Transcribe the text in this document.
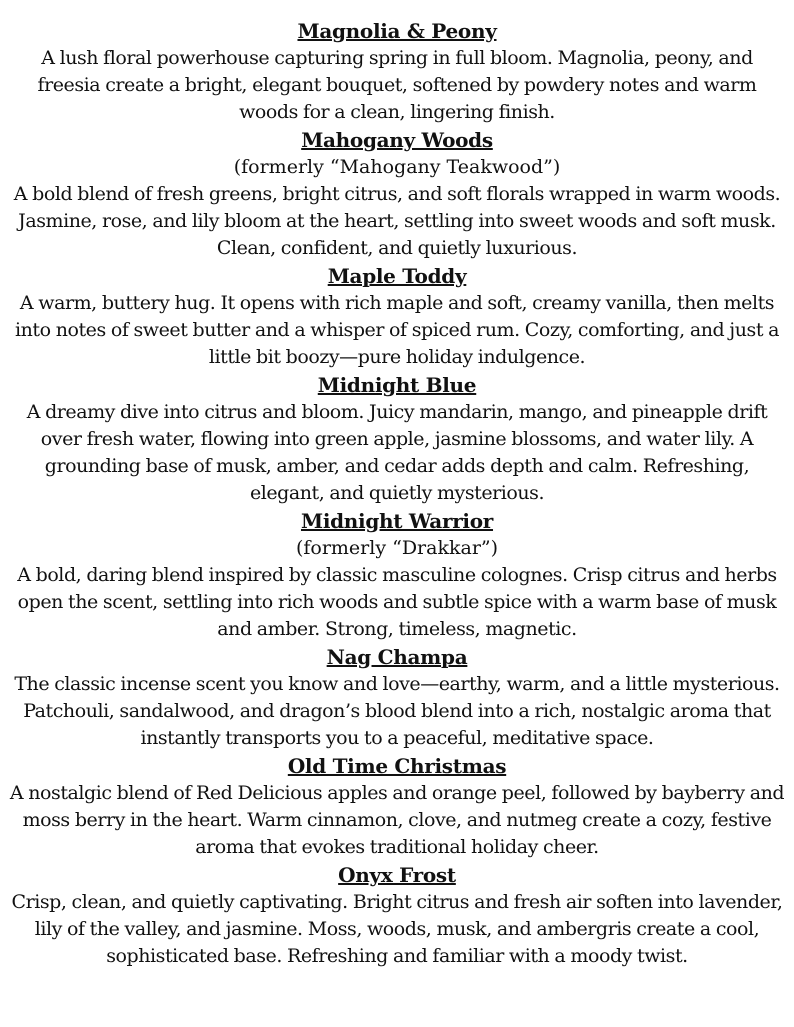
Magnolia & Peony

A lush floral powerhouse capturing spring in full bloom. Magnolia, peony, and freesia create a bright, elegant bouquet, softened by powdery notes and warm woods for a clean, lingering finish.

Mahogany Woods

(formerly “Mahogany Teakwood”)

A bold blend of fresh greens, bright citrus, and soft florals wrapped in warm woods. Jasmine, rose, and lily bloom at the heart, settling into sweet woods and soft musk. Clean, confident, and quietly luxurious.

Maple Toddy

A warm, buttery hug. It opens with rich maple and soft, creamy vanilla, then melts into notes of sweet butter and a whisper of spiced rum. Cozy, comforting, and just a little bit boozy—pure holiday indulgence.

Midnight Blue

A dreamy dive into citrus and bloom. Juicy mandarin, mango, and pineapple drift over fresh water, flowing into green apple, jasmine blossoms, and water lily. A grounding base of musk, amber, and cedar adds depth and calm. Refreshing, elegant, and quietly mysterious.

Midnight Warrior

(formerly “Drakkar”)

A bold, daring blend inspired by classic masculine colognes. Crisp citrus and herbs open the scent, settling into rich woods and subtle spice with a warm base of musk and amber. Strong, timeless, magnetic.

Nag Champa

The classic incense scent you know and love—earthy, warm, and a little mysterious. Patchouli, sandalwood, and dragon’s blood blend into a rich, nostalgic aroma that instantly transports you to a peaceful, meditative space.

Old Time Christmas

A nostalgic blend of Red Delicious apples and orange peel, followed by bayberry and moss berry in the heart. Warm cinnamon, clove, and nutmeg create a cozy, festive aroma that evokes traditional holiday cheer.

Onyx Frost

Crisp, clean, and quietly captivating. Bright citrus and fresh air soften into lavender, lily of the valley, and jasmine. Moss, woods, musk, and ambergris create a cool, sophisticated base. Refreshing and familiar with a moody twist.
